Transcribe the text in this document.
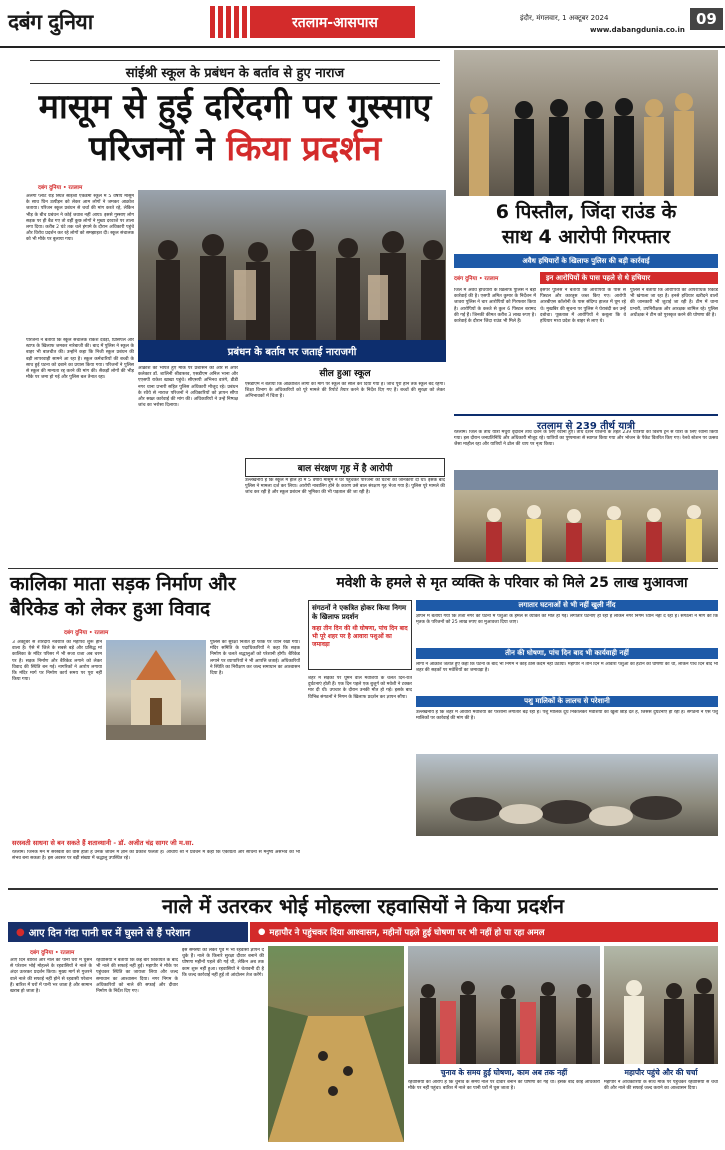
दबंग दुनिया	रतलाम-आसपास	इंदौर, मंगलवार, 1 अक्टूबर 2024	09
www.dabangdunia.co.in
सांईश्री स्कूल के प्रबंधन के बर्ताव से हुए नाराज
मासूम से हुई दरिंदगी पर गुस्साए
परिजनों ने किया प्रदर्शन
दबंग दुनिया • रतलाम
अलगी प्लॉट रोड़ स्थित सांईश्री एकेडमी स्कूल में 5 वर्षीय मासूम के साथ घिन उत्पीड़न को लेकर आम लोगों ने जमकर आक्रोश जताया। परिजन स्कूल प्रबंधन से चर्चा की मांग करते रहे, लेकिन भीड़ के बीच प्रबंधन ने कोई जवाब नहीं आया। इससे गुस्साए लोग सड़क पर ही बैठ गए तो वहीं कुछ लोगों ने मुख्य दरवाजे पर ताला लगा दिया। करीब 2 घंटे तक चले हंगामे के दौरान अधिकारी पहुंचे और विरोध प्रदर्शन कर रहे लोगों को समझाइश दी। स्कूल संचालक को भी मौके पर बुलाया गया।
परिजनों ने बताया कि स्कूल संचालक राकेश देवड़ा, प्रिंसिपल और स्टाफ के खिलाफ जमकर नारेबाजी की। बाद में पुलिस ने स्कूल के बाहर भी बातचीत की। उन्होंने कहा कि निजी स्कूल प्रबंधन की बड़ी लापरवाही सामने आ रहा है। स्कूल कर्मचारियों की बच्ची के साथ हुई घटना को दबाने का प्रयास किया गया। परिजनों ने पुलिस से स्कूल की मान्यता रद्द करने की मांग की। सैकड़ों लोगों की भीड़ मौके पर जमा हो गई और पुलिस बल तैनात रहा।
प्रबंधन के बर्ताव पर जताई नाराजगी
आक्रोश को भांपते हुए मौके पर प्रशासन की ओर से अपर कलेक्टर डॉ. शालिनी श्रीवास्तव, एसडीएम अनिल भाना और एएसपी राकेश खाखा पहुंचे। सीएसपी अभिनव वारंगे, डीडी नगर थाना प्रभारी सहित पुलिस अधिकारी मौजूद रहे। प्रबंधन के रवैये से नाराज परिजनों ने अधिकारियों को ज्ञापन सौंपा और सख्त कार्रवाई की मांग की। अधिकारियों ने उन्हें निष्पक्ष जांच का भरोसा दिलाया।
सील हुआ स्कूल
एसडीएम ने बताया कि आक्रोशित लोगों की मांग पर स्कूल को सील कर दिया गया है। जांच पूरी होने तक स्कूल बंद रहेगा। शिक्षा विभाग के अधिकारियों को पूरे मामले की रिपोर्ट तैयार करने के निर्देश दिए गए हैं। बच्चों की सुरक्षा को लेकर अभिभावकों में चिंता है।
बाल संरक्षण गृह में है आरोपी
उल्लेखनीय है कि स्कूल में हाल ही में 5 वर्षीय मासूम ने घर पहुंचकर परिजनों को घटना की जानकारी दी थी। इसके बाद पुलिस ने मामला दर्ज कर लिया। आरोपी नाबालिग होने के कारण उसे बाल संरक्षण गृह भेजा गया है। पुलिस पूरे मामले की जांच कर रही है और स्कूल प्रबंधन की भूमिका की भी पड़ताल की जा रही है।
6 पिस्तौल, जिंदा राउंड के
साथ 4 आरोपी गिरफ्तार
अवैध हथियारों के खिलाफ पुलिस की बड़ी कार्रवाई
दबंग दुनिया • रतलाम	इन आरोपियों के पास पहले से थे हथियार
जिले में अवैध हथियारों के खिलाफ पुलिस ने बड़ी कार्रवाई की है। एसपी अमित कुमार के निर्देशन में जावरा पुलिस ने चार आरोपियों को गिरफ्तार किया है। आरोपियों के कब्जे से कुल 6 पिस्टल बरामद की गई हैं। जिनकी कीमत करीब 3 लाख रुपए है। कार्रवाई के दौरान जिंदा राउंड भी मिले हैं।
इसपर पुलिस ने बताया कि आरोपियों के पास से पिस्टल और कारतूस जब्त किए गए। आरोपी आरबीएस कॉलोनी के पास संदिग्ध हालत में घूम रहे थे। मुखबिर की सूचना पर पुलिस ने घेराबंदी कर उन्हें दबोचा। पूछताछ में आरोपियों ने कबूला कि वे हथियार मध्य प्रदेश के बाहर से लाए थे।
पुलिस ने बताया कि आरोपियों का आपराधिक रिकॉर्ड भी खंगाला जा रहा है। इनसे हथियार खरीदने वालों की जानकारी भी जुटाई जा रही है। टीम में थाना प्रभारी, उपनिरीक्षक और आरक्षक शामिल रहे। पुलिस अधीक्षक ने टीम को पुरस्कृत करने की घोषणा की है।
रतलाम से 239 तीर्थ यात्री
रतलाम। जिले के तीर्थ यात्री मथुरा वृंदावन तीर्थ दर्शन के लिए रवाना हुए। तीर्थ दर्शन योजना के तहत 239 यात्रियों को विशेष ट्रेन से यात्रा के लिए रवाना किया गया। इस दौरान जनप्रतिनिधि और अधिकारी मौजूद रहे। यात्रियों का पुष्पमाला से स्वागत किया गया और भोजन के पैकेट वितरित किए गए। रेलवे स्टेशन पर उत्सव जैसा माहौल रहा और यात्रियों ने ढोल की थाप पर नृत्य किया।
कालिका माता सड़क निर्माण और
बैरिकेड को लेकर हुआ विवाद
दबंग दुनिया • रतलाम
3 अक्टूबर से शारदीय नवरात्रि का महापर्व शुरू होने वाला है। ऐसे में जिले के सबसे बड़े और प्रसिद्ध मां कालिका के मंदिर परिसर में भी सजा धजा अब चरम पर है। सड़क निर्माण और बैरिकेड लगाने को लेकर विवाद की स्थिति बन गई। नागरिकों ने आरोप लगाया कि मंदिर मार्ग पर निर्माण कार्य समय पर पूरा नहीं किया गया।
पुलिस की सुरक्षा नितांत ही फीके पर ध्यान रखा गया। मंदिर समिति के पदाधिकारियों ने कहा कि सड़क निर्माण के चलते श्रद्धालुओं को परेशानी होगी। बैरिकेड लगाने पर व्यापारियों ने भी आपत्ति जताई। अधिकारियों ने स्थिति का निरीक्षण कर जल्द समाधान का आश्वासन दिया है।
सरस्वती साधना से बन सकते हैं शताव्धानी - डॉ. अजीत चंद्र सागर जी म.सा.
रतलाम। जिनके मन में सरस्वती का वास होता है उनके जीवन में ज्ञान का प्रकाश फैलता है। आचार्य श्री ने प्रवचन में कहा कि एकाग्रता और साधना से मनुष्य असंभव को भी संभव बना सकता है। इस अवसर पर बड़ी संख्या में श्रद्धालु उपस्थित रहे।
मवेशी के हमले से मृत व्यक्ति के परिवार को मिले 25 लाख मुआवजा
संगठनों ने एकत्रित होकर किया निगम के खिलाफ प्रदर्शन
कहा तीन दिन की थी घोषणा, पांच दिन बाद भी पूरे शहर पर है आवारा पशुओं का जमावड़ा
शहर में सड़कों पर घूमने वाले मवेशियों के चलते दिन-रात दुर्घटनाएं होती हैं। एक दिन पहले एक बुजुर्ग को मवेशी ने टक्कर मार दी थी। उपचार के दौरान उनकी मौत हो गई। इसके बाद विभिन्न संगठनों ने निगम के खिलाफ प्रदर्शन कर ज्ञापन सौंपा।
लगातार घटनाओं से भी नहीं खुली नींद
ज्ञापन में बताया गया कि तेजा नगर की घटना में पशुओं के हमले से व्यक्ति की मौत हो गई। लगातार घटनाएं हो रही हैं लेकिन नगर निगम ध्यान नहीं दे रहा है। संगठनों ने मांग की कि मृतक के परिजनों को 25 लाख रुपए का मुआवजा दिया जाए।
तीन की घोषणा, पांच दिन बाद भी कार्यवाही नहीं
लोगों ने आक्रोश जताते हुए कहा कि घटना के बाद भी निगम ने कोई ठोस कदम नहीं उठाया। महापौर ने तीन दिन में आवारा पशुओं को हटाने की घोषणा की थी, लेकिन पांच दिन बाद भी शहर की सड़कों पर मवेशियों का जमावड़ा है।
पशु मालिकों के लालच से परेशानी
उल्लेखनीय है कि शहर में आवारा मवेशियों की परेशानी लगातार बढ़ रही है। पशु मालिक दूध निकालकर मवेशियों को खुला छोड़ देते हैं, जिससे दुर्घटनाएं हो रही हैं। संगठनों ने ऐसे पशु मालिकों पर कार्रवाई की मांग की है।
नाले में उतरकर भोई मोहल्ला रहवासियों ने किया प्रदर्शन
● आए दिन गंदा पानी घर में घुसने से हैं परेशान	● महापौर ने पहुंचकर दिया आश्वासन, महीनों पहले हुई घोषणा पर भी नहीं हो पा रहा अमल
दबंग दुनिया • रतलाम
आए दिन बारिश और नाले का पानी घरों में घुसने से परेशान भोई मोहल्ले के रहवासियों ने नाले के अंदर उतरकर प्रदर्शन किया। मुख्य मार्ग से गुजरने वाले नाले की सफाई नहीं होने से रहवासी परेशान हैं। बारिश में घरों में पानी भर जाता है और सामान खराब हो जाता है।
रहवासियों ने बताया कि कई बार शिकायत के बाद भी नाले की सफाई नहीं हुई। महापौर ने मौके पर पहुंचकर स्थिति का जायजा लिया और जल्द समाधान का आश्वासन दिया। नगर निगम के अधिकारियों को नाले की सफाई और दीवार निर्माण के निर्देश दिए गए।
इस समस्या को लेकर पूर्व में भी रहवासी ज्ञापन दे चुके हैं। नाले के किनारे सुरक्षा दीवार बनाने की घोषणा महीनों पहले की गई थी, लेकिन अब तक काम शुरू नहीं हुआ। रहवासियों ने चेतावनी दी है कि जल्द कार्रवाई नहीं हुई तो आंदोलन तेज करेंगे।
चुनाव के समय हुई घोषणा, काम अब तक नहीं
रहवासियों का आरोप है कि चुनाव के समय नाले पर दीवार बनाने की घोषणा की गई थी। इसके बाद कोई अधिकारी मौके पर नहीं पहुंचा। बारिश में नाले का पानी घरों में घुस जाता है।
महापौर पहुंचे और की चर्चा
महापौर ने अधिकारियों के साथ मौके पर पहुंचकर रहवासियों से चर्चा की और नाले की सफाई जल्द कराने का आश्वासन दिया।
